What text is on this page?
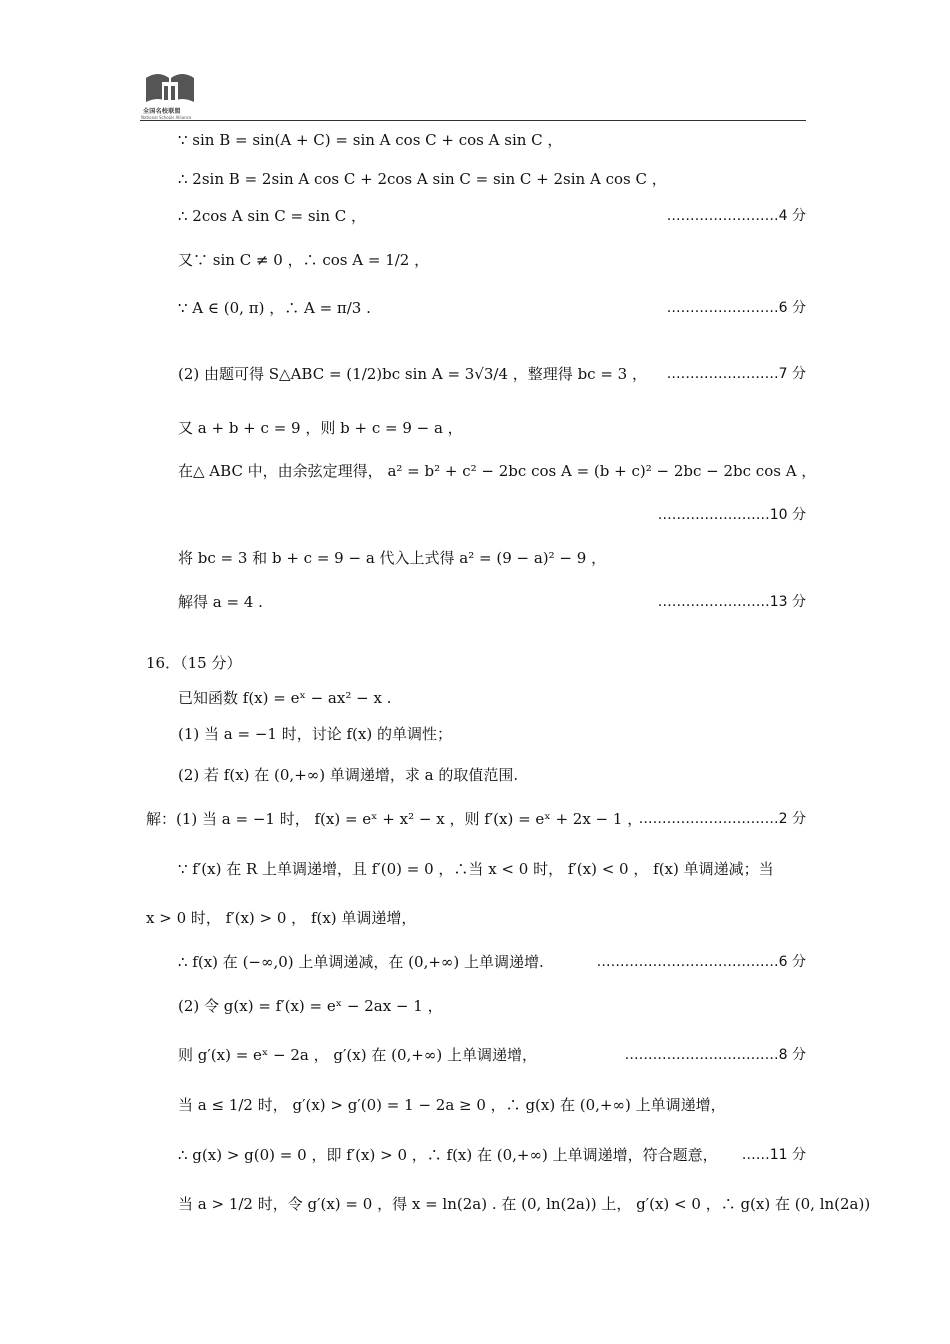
全国名校联盟
National Schools Alliance
∵ sin B = sin(A + C) = sin A cos C + cos A sin C ，
∴ 2sin B = 2sin A cos C + 2cos A sin C = sin C + 2sin A cos C ，
∴ 2cos A sin C = sin C ，
又∵ sin C ≠ 0 ，∴ cos A = 1/2 ，
∵ A ∈ (0, π) ，∴ A = π/3 .
(2) 由题可得 S△ABC = (1/2)bc sin A = 3√3/4 ，整理得 bc = 3 ，
又 a + b + c = 9 ，则 b + c = 9 − a ，
在△ ABC 中，由余弦定理得， a² = b² + c² − 2bc cos A = (b + c)² − 2bc − 2bc cos A ，
将 bc = 3 和 b + c = 9 − a 代入上式得 a² = (9 − a)² − 9 ，
解得 a = 4 .
16．（15 分）
已知函数 f(x) = eˣ − ax² − x .
(1) 当 a = −1 时，讨论 f(x) 的单调性；
(2) 若 f(x) 在 (0,+∞) 单调递增，求 a 的取值范围.
解：(1) 当 a = −1 时， f(x) = eˣ + x² − x ，则 f′(x) = eˣ + 2x − 1 ，
∵ f′(x) 在 R 上单调递增，且 f′(0) = 0 ，∴当 x < 0 时， f′(x) < 0 ， f(x) 单调递减；当
x > 0 时， f′(x) > 0 ， f(x) 单调递增，
∴ f(x) 在 (−∞,0) 上单调递减，在 (0,+∞) 上单调递增.
(2) 令 g(x) = f′(x) = eˣ − 2ax − 1 ，
则 g′(x) = eˣ − 2a ， g′(x) 在 (0,+∞) 上单调递增，
当 a ≤ 1/2 时， g′(x) > g′(0) = 1 − 2a ≥ 0 ，∴ g(x) 在 (0,+∞) 上单调递增，
∴ g(x) > g(0) = 0 ，即 f′(x) > 0 ，∴ f(x) 在 (0,+∞) 上单调递增，符合题意，
当 a > 1/2 时，令 g′(x) = 0 ，得 x = ln(2a) . 在 (0, ln(2a)) 上， g′(x) < 0 ，∴ g(x) 在 (0, ln(2a))
……………………4 分
……………………6 分
……………………7 分
……………………10 分
……………………13 分
…………………………2 分
…………………………………6 分
……………………………8 分
……11 分
